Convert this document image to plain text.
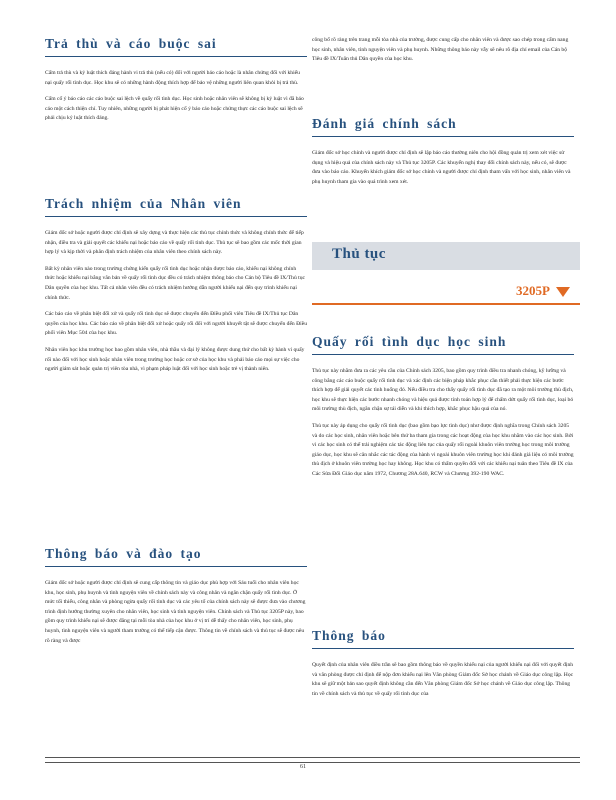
Trả thù và cáo buộc sai

Cấm trả thù và kỷ luật thích đáng hành vi trả thù (nếu có) đối với người báo cáo hoặc là nhân chứng đối với khiếu nại quấy rối tình dục. Học khu sẽ có những hành động thích hợp để bảo vệ những người liên quan khỏi bị trả thù.

Cấm cố ý báo cáo các cáo buộc sai lệch về quấy rối tình dục. Học sinh hoặc nhân viên sẽ không bị kỷ luật vì đã báo cáo một cách thiện chí. Tuy nhiên, những người bị phát hiện cố ý báo cáo hoặc chứng thực các cáo buộc sai lệch sẽ phải chịu kỷ luật thích đáng.

Trách nhiệm của Nhân viên

Giám đốc sở hoặc người được chỉ định sẽ xây dựng và thực hiện các thủ tục chính thức và không chính thức để tiếp nhận, điều tra và giải quyết các khiếu nại hoặc báo cáo về quấy rối tình dục. Thủ tục sẽ bao gồm các mốc thời gian hợp lý và kịp thời và phân định trách nhiệm của nhân viên theo chính sách này.

Bất kỳ nhân viên nào trong trường chứng kiến quấy rối tình dục hoặc nhận được báo cáo, khiếu nại không chính thức hoặc khiếu nại bằng văn bản về quấy rối tình dục đều có trách nhiệm thông báo cho Cán bộ Tiêu đề IX/Thủ tục Dân quyền của học khu. Tất cả nhân viên đều có trách nhiệm hướng dẫn người khiếu nại đến quy trình khiếu nại chính thức.

Các báo cáo về phân biệt đối xử và quấy rối tình dục sẽ được chuyển đến Điều phối viên Tiêu đề IX/Thủ tục Dân quyền của học khu. Các báo cáo về phân biệt đối xử hoặc quấy rối đối với người khuyết tật sẽ được chuyển đến Điều phối viên Mục 504 của học khu.

Nhân viên học khu trường học bao gồm nhân viên, nhà thầu và đại lý không được dung thứ cho bất kỳ hành vi quấy rối nào đối với học sinh hoặc nhân viên trong trường học hoặc cơ sở của học khu và phải báo cáo mọi sự việc cho người giám sát hoặc quản trị viên tòa nhà, vì phạm pháp luật đối với học sinh hoặc trẻ vị thành niên.

Thông báo và đào tạo

Giám đốc sở hoặc người được chỉ định sẽ cung cấp thông tin và giáo dục phù hợp với Sáu tuổi cho nhân viên học khu, học sinh, phụ huynh và tình nguyện viên về chính sách này và công nhân và ngăn chặn quấy rối tình dục. Ở mức tối thiểu, công nhân và phòng ngừa quấy rối tình dục và các yêu tố của chính sách này sẽ được đưa vào chương trình định hướng thường xuyên cho nhân viên, học sinh và tình nguyện viên. Chính sách và Thủ tục 3205P này, bao gồm quy trình khiếu nại sẽ được đăng tại mỗi tòa nhà của học khu ở vị trí dễ thấy cho nhân viên, học sinh, phụ huynh, tình nguyện viên và người tham trường có thể tiếp cận được. Thông tin về chính sách và thủ tục sẽ được nêu rõ ràng và được

công bố rõ ràng trên trang mỗi tòa nhà của trường, được cung cấp cho nhân viên và được sao chép trong cẩm nang học sinh, nhân viên, tình nguyện viên và phụ huynh. Những thông báo này vẫy sẽ nêu rõ địa chỉ email của Cán bộ Tiêu đề IX/Tuân thủ Dân quyền của học khu.

Đánh giá chính sách

Giám đốc sở học chính và người được chỉ định sẽ lập báo cáo thường niên cho hội đồng quản trị xem xét việc sử dụng và hiệu quả của chính sách này và Thủ tục 3205P. Các khuyến nghị thay đổi chính sách này, nếu có, sẽ được đưa vào báo cáo. Khuyến khích giám đốc sở học chính và người được chỉ định tham vấn với học sinh, nhân viên và phụ huynh tham gia vào quá trình xem xét.

Quấy rối tình dục học sinh

Thủ tục này nhằm đưa ra các yêu cầu của Chính sách 3205, bao gồm quy trình điều tra nhanh chóng, kỹ lưỡng và công bằng các cáo buộc quấy rối tình dục và xác định các biện pháp khắc phục cần thiết phải thực hiện các bước thích hợp để giải quyết các tình huống đó. Nếu điều tra cho thấy quấy rối tình dục đã tạo ra một môi trường thù địch, học khu sẽ thực hiện các bước nhanh chóng và hiệu quả được tính toán hợp lý để chấm dứt quấy rối tình dục, loại bỏ môi trường thù địch, ngăn chặn sự tái diễn và khi thích hợp, khắc phục hậu quả của nó.

Thủ tục này áp dụng cho quấy rối tình dục (bao gồm bạo lực tình dục) như được định nghĩa trong Chính sách 3205 và do các học sinh, nhân viên hoặc bên thứ ba tham gia trong các hoạt động của học khu nhằm vào các học sinh. Bởi vì các học sinh có thể trải nghiệm các tác động liên tục của quấy rối ngoài khuôn viên trường học trong môi trường giáo dục, học khu sẽ cân nhắc các tác động của hành vi ngoài khuôn viên trường học khi đánh giá liệu có môi trường thù địch ở khuôn viên trường học hay không. Học khu có thẩm quyền đối với các khiếu nại tuân theo Tiêu đề IX của Các Sửa Đổi Giáo dục năm 1972, Chương 28A.640, RCW và Chương 392-190 WAC.

Thông báo

Quyết định của nhân viên điều trần sẽ bao gồm thông báo về quyền khiếu nại của người khiếu nại đối với quyết định và văn phòng được chỉ định để nộp đơn khiếu nại lên Văn phòng Giám đốc Sở học chánh về Giáo dục công lập. Học khu sẽ giữ một bản sao quyết định không cần đến Văn phòng Giám đốc Sở học chánh về Giáo dục công lập. Thông tin về chính sách và thủ tục về quấy rối tình dục của

Thủ tục
3205P
61
